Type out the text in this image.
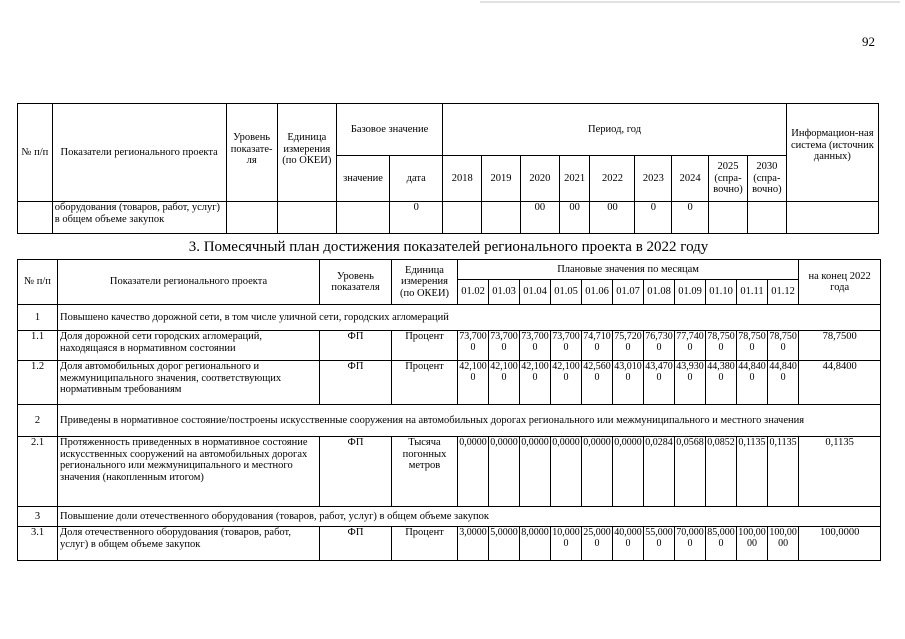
92
№ п/п	Показатели регионального проекта	Уровень показате-ля	Единица измерения (по ОКЕИ)	Базовое значение		Период, год									Информацион-ная система (источник данных)
				значение	дата	2018	2019	2020	2021	2022	2023	2024	2025 (спра-вочно)	2030 (спра-вочно)	
	оборудования (товаров, работ, услуг) в общем объеме закупок				0			00	00	00	0	0			
3. Помесячный план достижения показателей регионального проекта в 2022 году
№ п/п	Показатели регионального проекта	Уровень показателя	Единица измерения (по ОКЕИ)	Плановые значения по месяцам											на конец 2022 года
				01.02	01.03	01.04	01.05	01.06	01.07	01.08	01.09	01.10	01.11	01.12	
1	Повышено качество дорожной сети, в том числе уличной сети, городских агломераций														
1.1	Доля дорожной сети городских агломераций, находящаяся в нормативном состоянии	ФП	Процент	73,7000	73,7000	73,7000	73,7000	74,7100	75,7200	76,7300	77,7400	78,7500	78,7500	78,7500	78,7500
1.2	Доля автомобильных дорог регионального и межмуниципального значения, соответствующих нормативным требованиям	ФП	Процент	42,1000	42,1000	42,1000	42,1000	42,5600	43,0100	43,4700	43,9300	44,3800	44,8400	44,8400	44,8400
2	Приведены в нормативное состояние/построены искусственные сооружения на автомобильных дорогах регионального или межмуниципального и местного значения														
2.1	Протяженность приведенных в нормативное состояние искусственных сооружений на автомобильных дорогах регионального или межмуниципального и местного значения (накопленным итогом)	ФП	Тысяча погонных метров	0,0000	0,0000	0,0000	0,0000	0,0000	0,0000	0,0284	0,0568	0,0852	0,1135	0,1135	0,1135
3	Повышение доли отечественного оборудования (товаров, работ, услуг) в общем объеме закупок														
3.1	Доля отечественного оборудования (товаров, работ, услуг) в общем объеме закупок	ФП	Процент	3,0000	5,0000	8,0000	10,0000	25,0000	40,0000	55,0000	70,0000	85,0000	100,0000	100,0000	100,0000
